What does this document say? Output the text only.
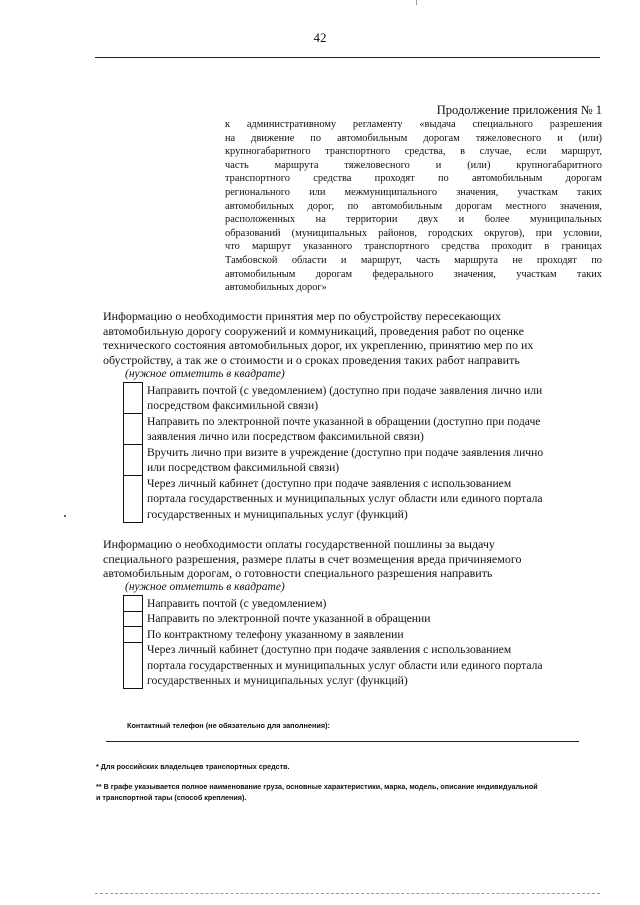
42
Продолжение приложения № 1
к административному регламенту «выдача специального разрешения
на движение по автомобильным дорогам тяжеловесного и (или)
крупногабаритного транспортного средства, в случае, если маршрут,
часть маршрута тяжеловесного и (или) крупногабаритного
транспортного средства проходят по автомобильным дорогам
регионального или межмуниципального значения, участкам таких
автомобильных дорог, по автомобильным дорогам местного значения,
расположенных на территории двух и более муниципальных
образований (муниципальных районов, городских округов), при условии,
что маршрут указанного транспортного средства проходит в границах
Тамбовской области и маршрут, часть маршрута не проходят по
автомобильным дорогам федерального значения, участкам таких
автомобильных дорог»
Информацию о необходимости принятия мер по обустройству пересекающих
автомобильную дорогу сооружений и коммуникаций, проведения работ по оценке
технического состояния автомобильных дорог, их укреплению, принятию мер по их
обустройству, а так же о стоимости и о сроках проведения таких работ направить
(нужное отметить в квадрате)

	Направить почтой (с уведомлением) (доступно при подаче заявления лично или
посредством факсимильной связи)

	Направить по электронной почте указанной в обращении (доступно при подаче
заявления лично или посредством факсимильной связи)

	Вручить лично при визите в учреждение (доступно при подаче заявления лично
или посредством факсимильной связи)

	Через личный кабинет (доступно при подаче заявления с использованием
портала государственных и муниципальных услуг области или единого портала
государственных и муниципальных услуг (функций)
Информацию о необходимости оплаты государственной пошлины за выдачу
специального разрешения, размере платы в счет возмещения вреда причиняемого
автомобильным дорогам, о готовности специального разрешения направить
(нужное отметить в квадрате)

	Направить почтой (с уведомлением)

	Направить по электронной почте указанной в обращении

	По контрактному телефону указанному в заявлении

	Через личный кабинет (доступно при подаче заявления с использованием
портала государственных и муниципальных услуг области или единого портала
государственных и муниципальных услуг (функций)
Контактный телефон (не обязательно для заполнения):
* Для российских владельцев транспортных средств.
** В графе указывается полное наименование груза, основные характеристики, марка, модель, описание индивидуальной
и транспортной тары (способ крепления).
